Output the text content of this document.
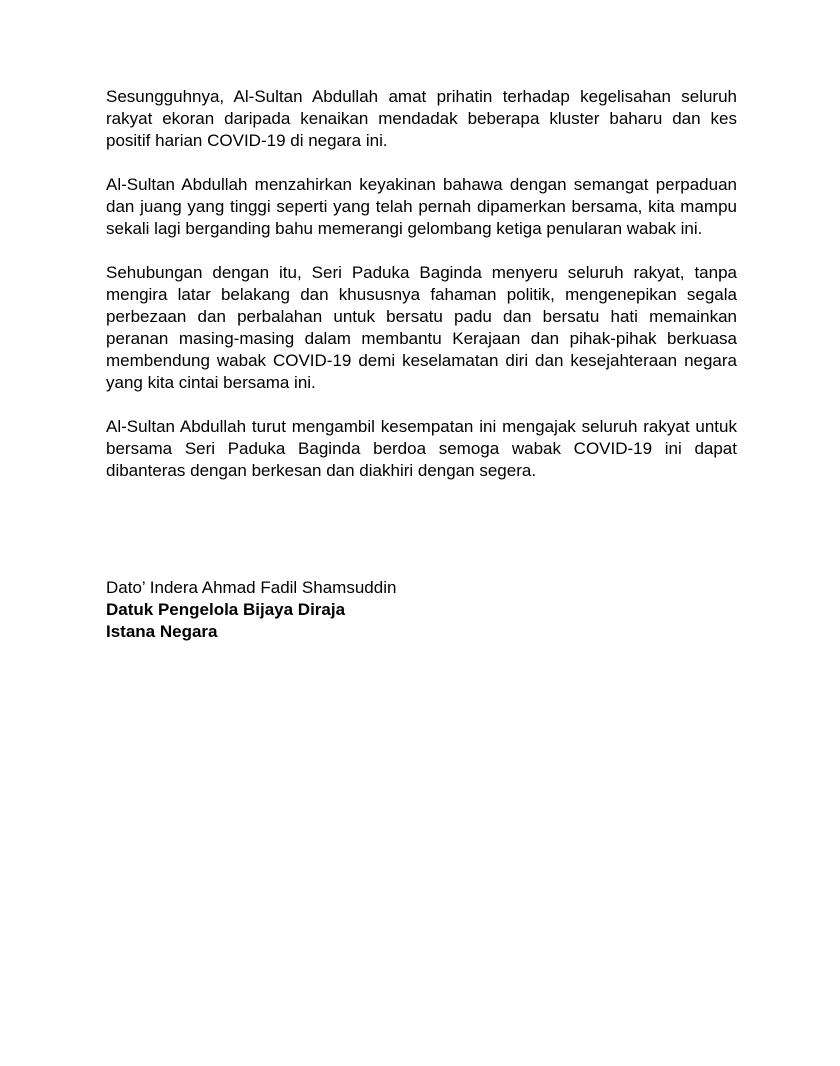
Sesungguhnya, Al-Sultan Abdullah amat prihatin terhadap kegelisahan seluruh rakyat ekoran daripada kenaikan mendadak beberapa kluster baharu dan kes positif harian COVID-19 di negara ini.

Al-Sultan Abdullah menzahirkan keyakinan bahawa dengan semangat perpaduan dan juang yang tinggi seperti yang telah pernah dipamerkan bersama, kita mampu sekali lagi berganding bahu memerangi gelombang ketiga penularan wabak ini.

Sehubungan dengan itu, Seri Paduka Baginda menyeru seluruh rakyat, tanpa mengira latar belakang dan khususnya fahaman politik, mengenepikan segala perbezaan dan perbalahan untuk bersatu padu dan bersatu hati memainkan peranan masing-masing dalam membantu Kerajaan dan pihak-pihak berkuasa membendung wabak COVID-19 demi keselamatan diri dan kesejahteraan negara yang kita cintai bersama ini.

Al-Sultan Abdullah turut mengambil kesempatan ini mengajak seluruh rakyat untuk bersama Seri Paduka Baginda berdoa semoga wabak COVID-19 ini dapat dibanteras dengan berkesan dan diakhiri dengan segera.

Dato’ Indera Ahmad Fadil Shamsuddin

Datuk Pengelola Bijaya Diraja

Istana Negara
